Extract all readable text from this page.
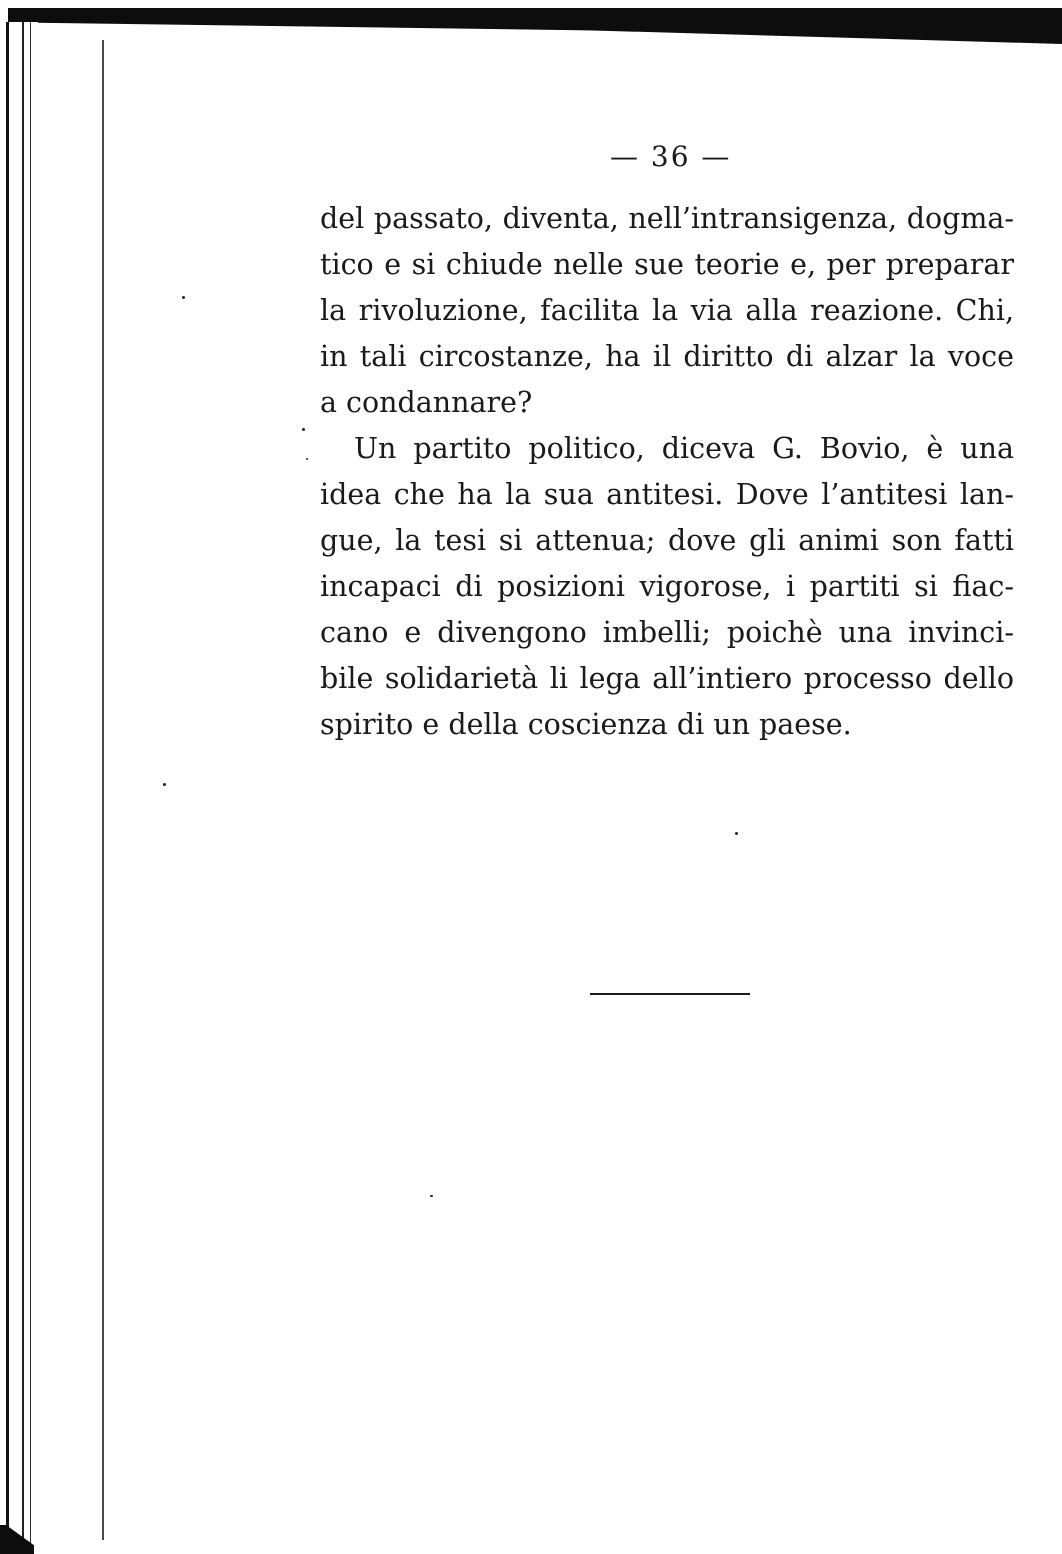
— 36 —
del passato, diventa, nell’intransigenza, dogma-
tico e si chiude nelle sue teorie e, per preparar
la rivoluzione, facilita la via alla reazione. Chi,
in tali circostanze, ha il diritto di alzar la voce
a condannare?
Un partito politico, diceva G. Bovio, è una
idea che ha la sua antitesi. Dove l’antitesi lan-
gue, la tesi si attenua; dove gli animi son fatti
incapaci di posizioni vigorose, i partiti si fiac-
cano e divengono imbelli; poichè una invinci-
bile solidarietà li lega all’intiero processo dello
spirito e della coscienza di un paese.
